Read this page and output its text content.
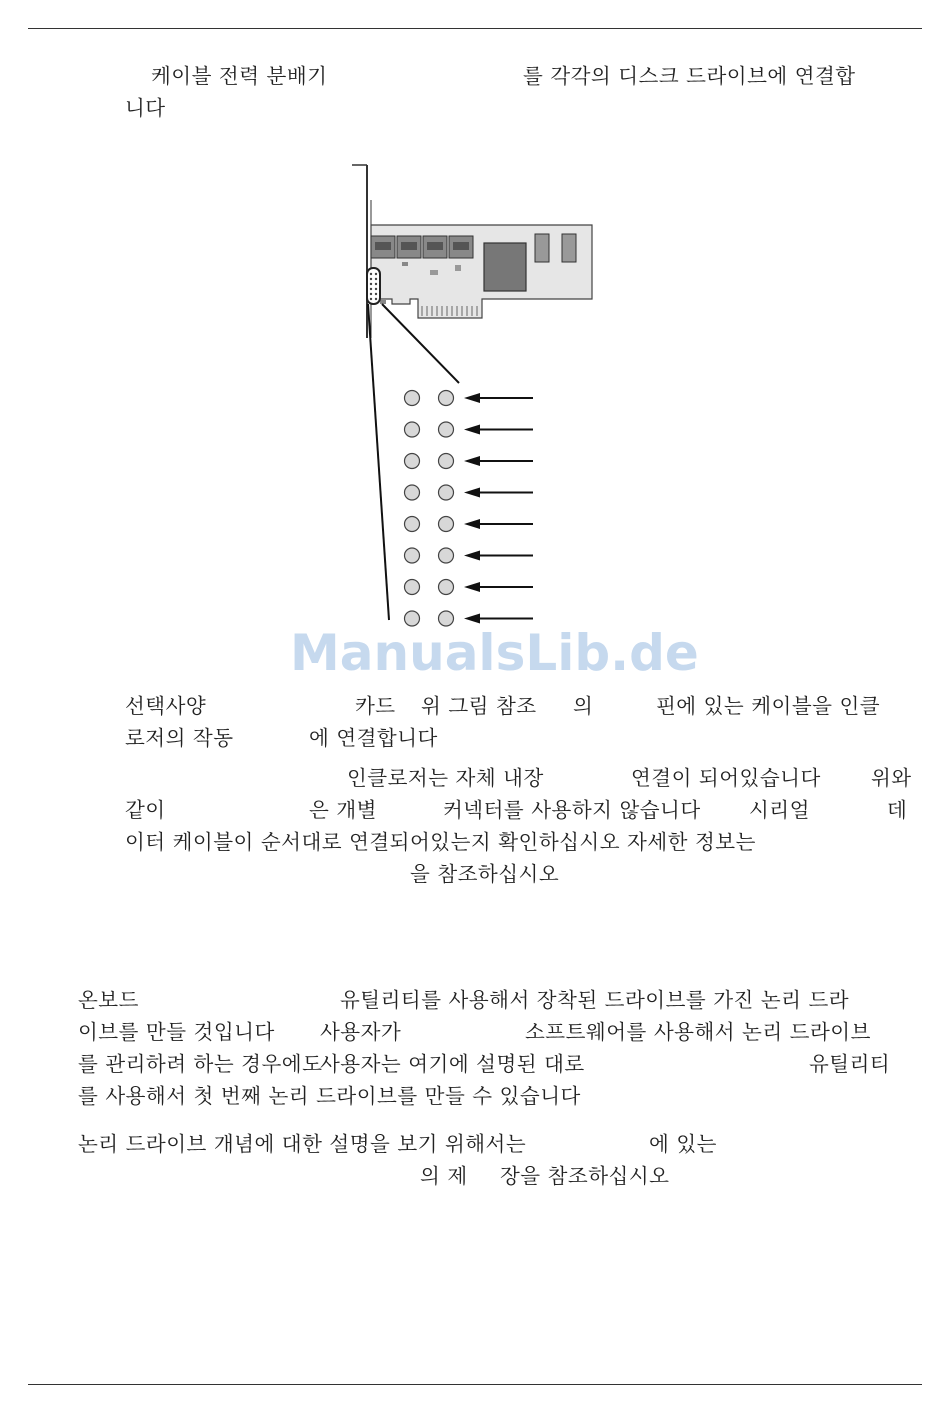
케이블 전력 분배기	를 각각의 디스크 드라이브에 연결합
니다
ManualsLib.de
선택사양	카드 위 그림 참조 의	핀에 있는 케이블을 인클
로저의 작동	에 연결합니다
인클로저는 자체 내장	연결이 되어있습니다 위와
같이	은 개별	커넥터를 사용하지 않습니다 시리얼	데
이터 케이블이 순서대로 연결되어있는지 확인하십시오 자세한 정보는
을 참조하십시오
온보드	유틸리티를 사용해서 장착된 드라이브를 가진 논리 드라
이브를 만들 것입니다 사용자가	소프트웨어를 사용해서 논리 드라이브
를 관리하려 하는 경우에도
사용자는 여기에 설명된 대로	유틸리티
를 사용해서 첫 번째 논리 드라이브를 만들 수 있습니다
논리 드라이브 개념에 대한 설명을 보기 위해서는	에 있는
의 제 장을 참조하십시오
